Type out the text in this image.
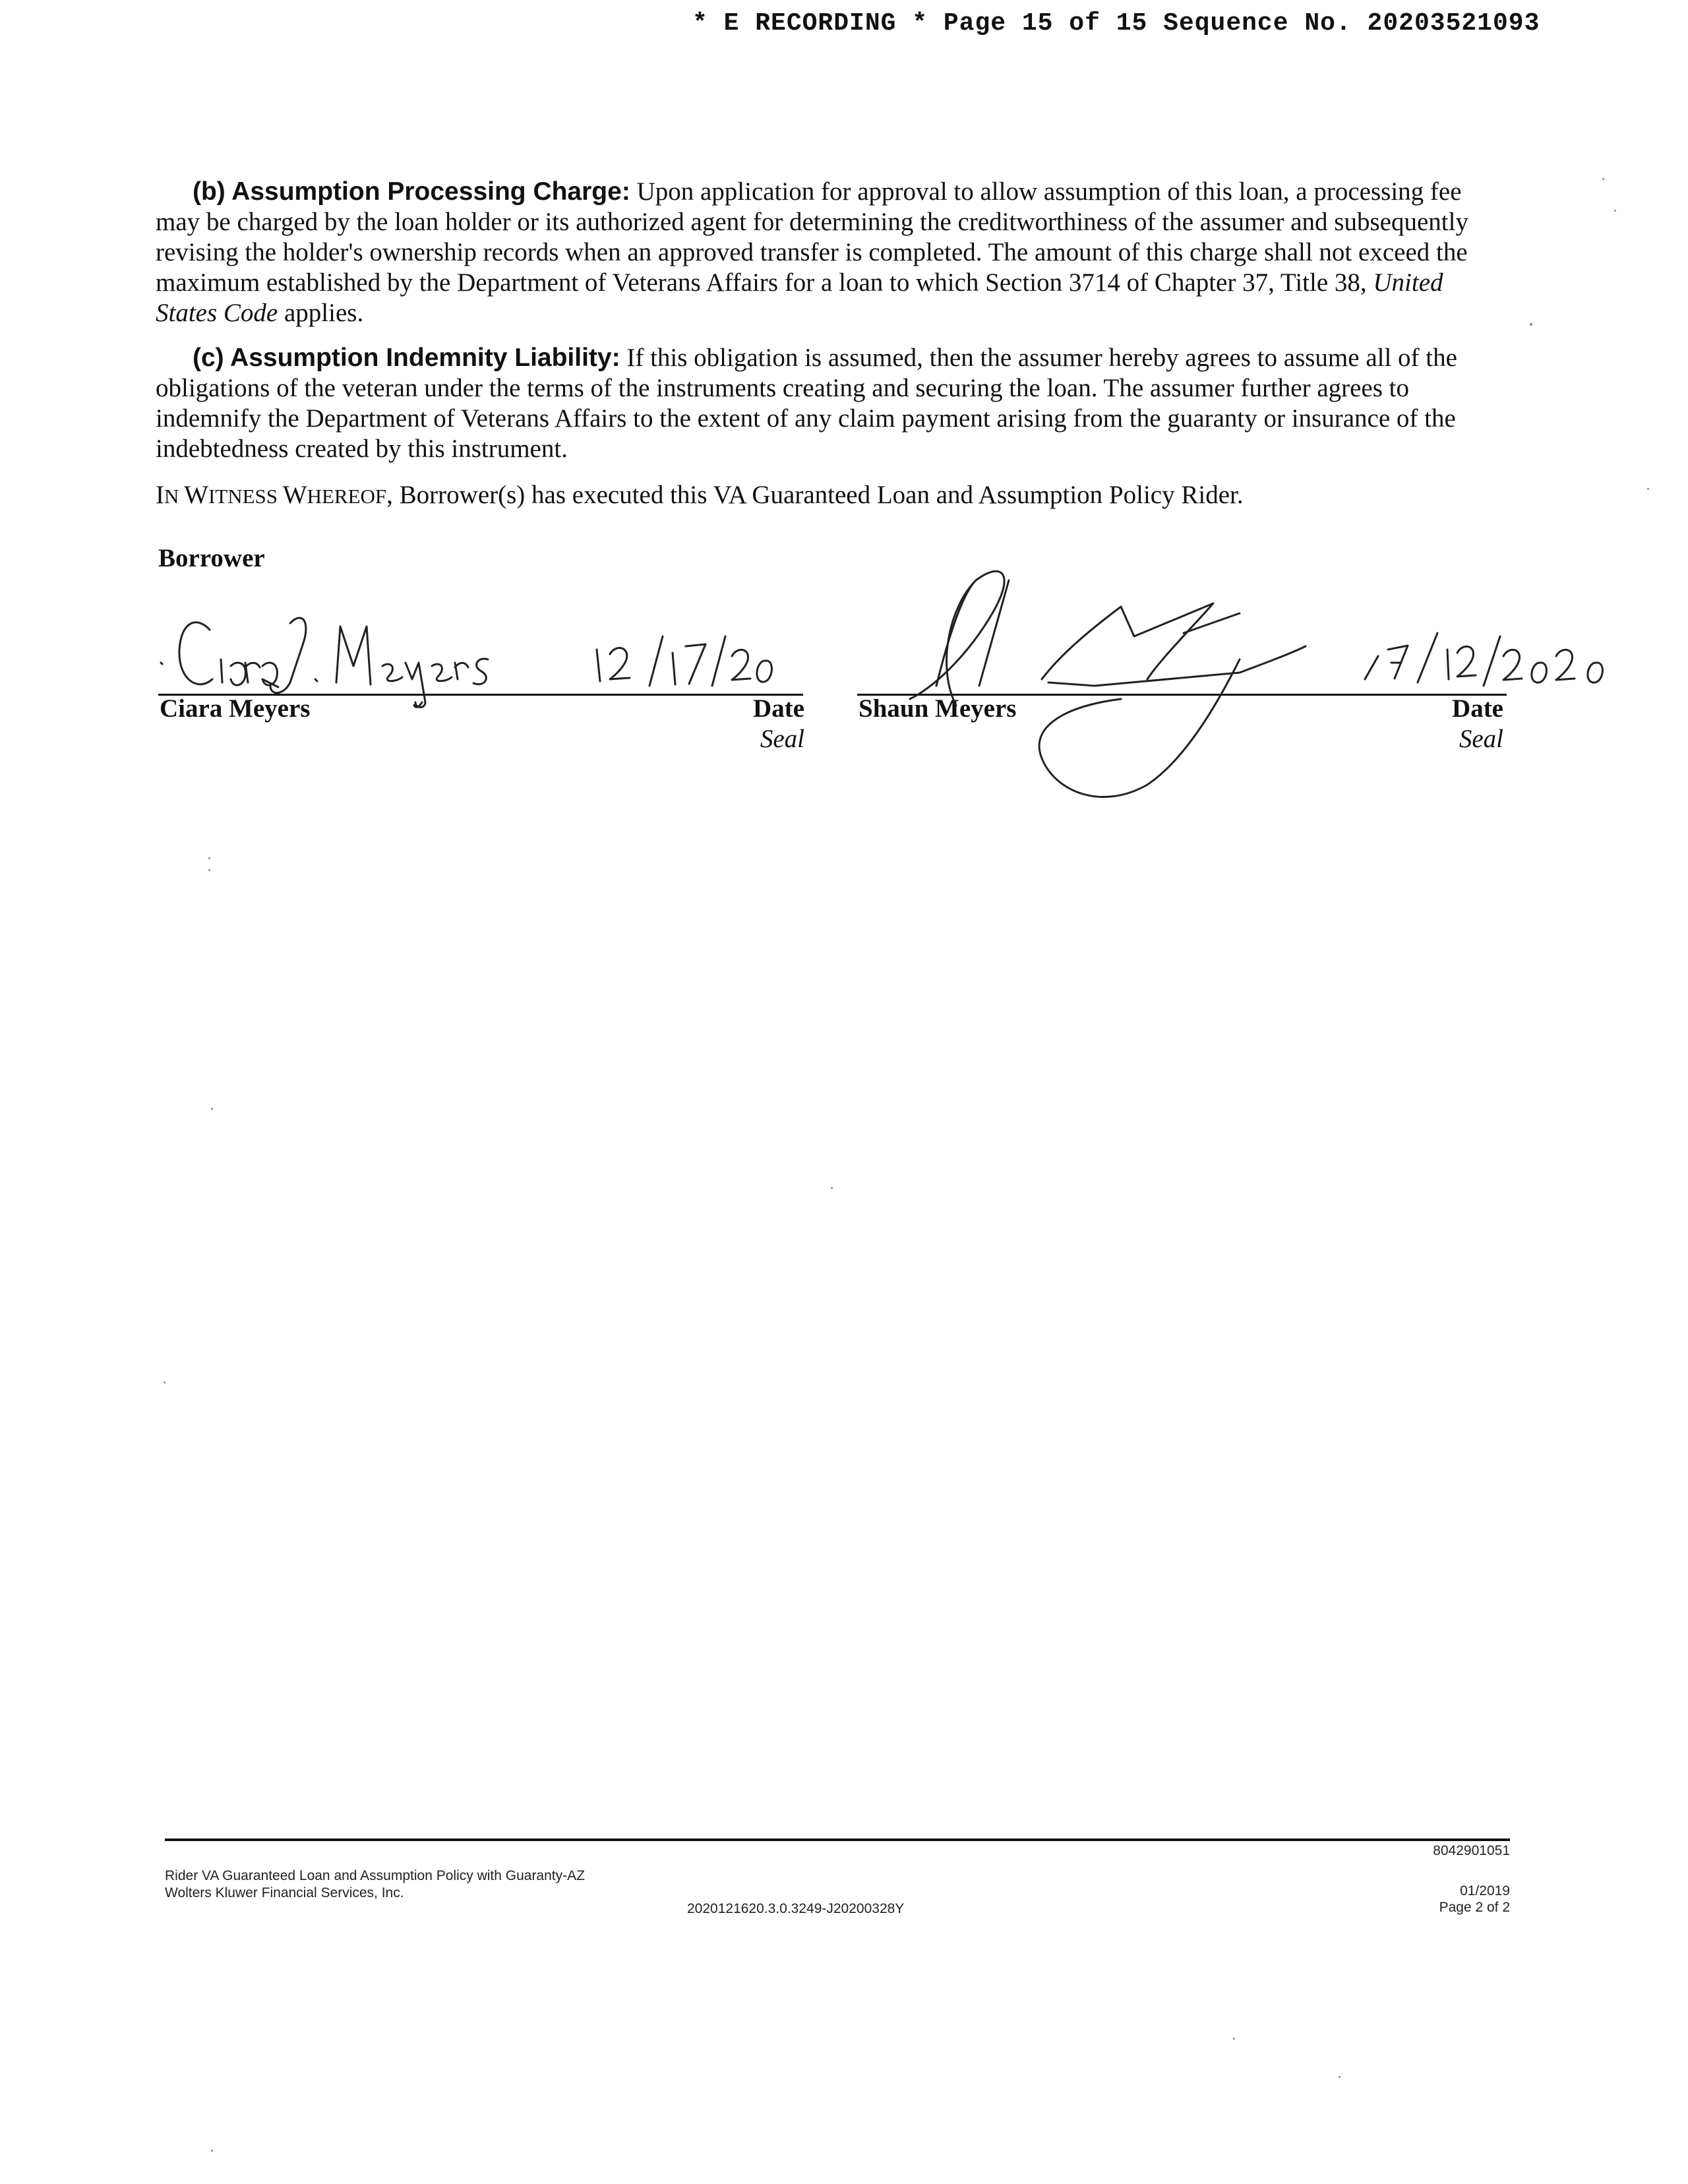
* E RECORDING * Page 15 of 15 Sequence No. 20203521093

(b) Assumption Processing Charge: Upon application for approval to allow assumption of this loan, a processing fee may be charged by the loan holder or its authorized agent for determining the creditworthiness of the assumer and subsequently revising the holder's ownership records when an approved transfer is completed. The amount of this charge shall not exceed the maximum established by the Department of Veterans Affairs for a loan to which Section 3714 of Chapter 37, Title 38, United States Code applies.

(c) Assumption Indemnity Liability: If this obligation is assumed, then the assumer hereby agrees to assume all of the obligations of the veteran under the terms of the instruments creating and securing the loan. The assumer further agrees to indemnify the Department of Veterans Affairs to the extent of any claim payment arising from the guaranty or insurance of the indebtedness created by this instrument.

IN WITNESS WHEREOF, Borrower(s) has executed this VA Guaranteed Loan and Assumption Policy Rider.
Borrower
Ciara Meyers	Date
Seal
Shaun Meyers	Date
Seal
Rider VA Guaranteed Loan and Assumption Policy with Guaranty-AZ
Wolters Kluwer Financial Services, Inc.
2020121620.3.0.3249-J20200328Y
8042901051
01/2019
Page 2 of 2
